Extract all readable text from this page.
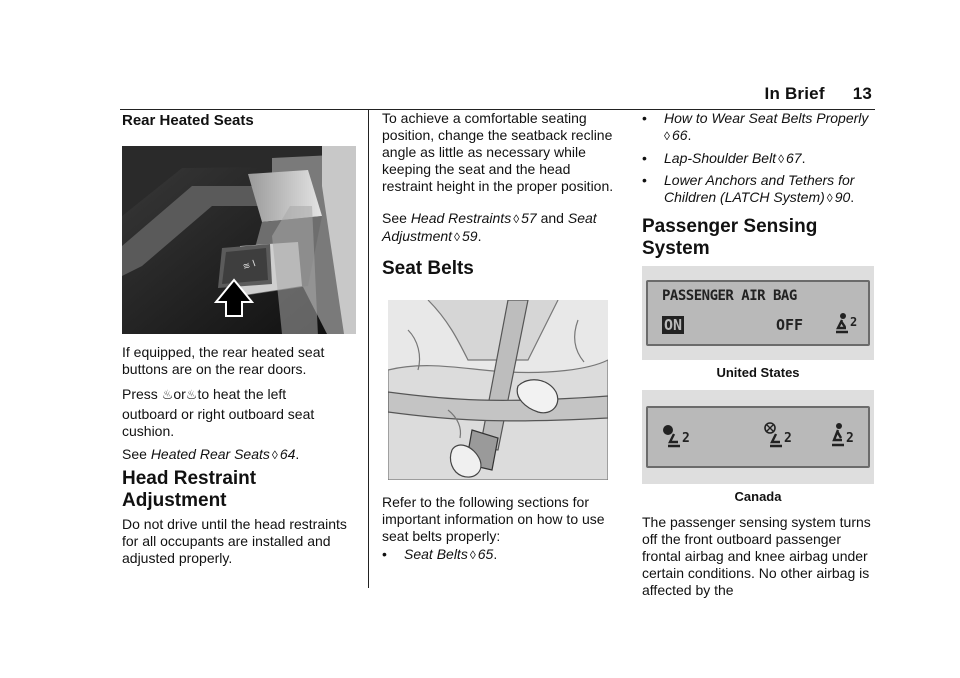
In Brief 13

Rear Heated Seats

≋ I

If equipped, the rear heated seat buttons are on the rear doors.

Press ♨or♨to heat the left

outboard or right outboard seat cushion.

See Heated Rear Seats ◊ 64.

Head Restraint

Adjustment

Do not drive until the head restraints for all occupants are installed and adjusted properly.

To achieve a comfortable seating position, change the seatback recline angle as little as necessary while keeping the seat and the head restraint height in the proper position.

See Head Restraints ◊ 57 and Seat
Adjustment ◊ 59.

Seat Belts

Refer to the following sections for important information on how to use seat belts properly:

• Seat Belts ◊ 65.
• How to Wear Seat Belts Properly
◊ 66.
• Lap-Shoulder Belt ◊ 67.
• Lower Anchors and Tethers for
Children (LATCH System) ◊ 90.

Passenger Sensing

System

PASSENGER AIR BAG
ON	OFF	2
United States
2	2	2
Canada

The passenger sensing system turns off the front outboard passenger frontal airbag and knee airbag under certain conditions. No other airbag is affected by the
